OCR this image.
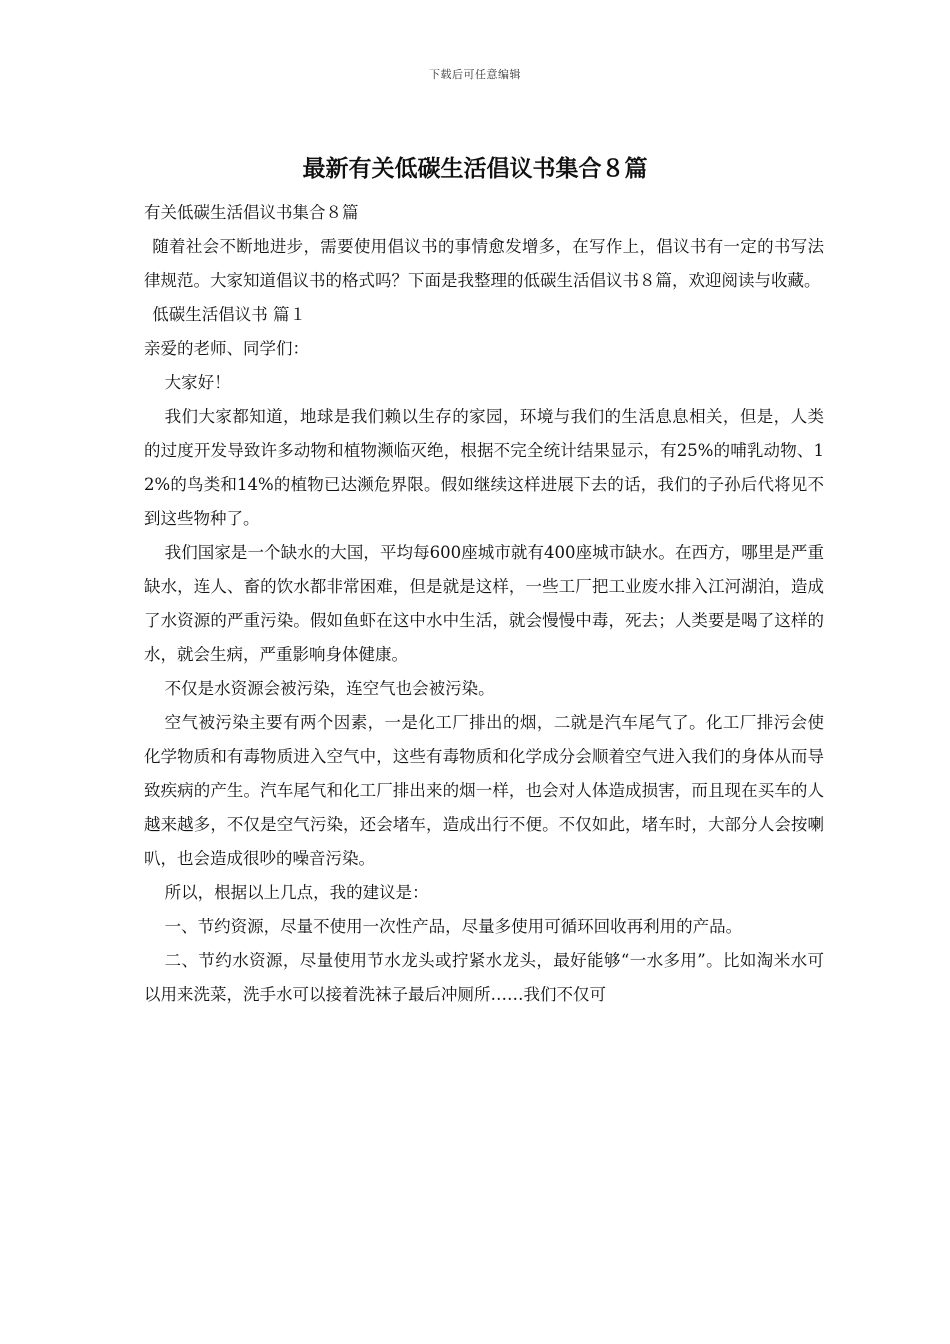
下载后可任意编辑
最新有关低碳生活倡议书集合８篇

有关低碳生活倡议书集合８篇

随着社会不断地进步，需要使用倡议书的事情愈发增多，在写作上，倡议书有一定的书写法律规范。大家知道倡议书的格式吗？下面是我整理的低碳生活倡议书８篇，欢迎阅读与收藏。

低碳生活倡议书 篇１

亲爱的老师、同学们：

大家好！

我们大家都知道，地球是我们赖以生存的家园，环境与我们的生活息息相关，但是，人类的过度开发导致许多动物和植物濒临灭绝，根据不完全统计结果显示，有25%的哺乳动物、12%的鸟类和14%的植物已达濒危界限。假如继续这样进展下去的话，我们的子孙后代将见不到这些物种了。

我们国家是一个缺水的大国，平均每600座城市就有400座城市缺水。在西方，哪里是严重缺水，连人、畜的饮水都非常困难，但是就是这样，一些工厂把工业废水排入江河湖泊，造成了水资源的严重污染。假如鱼虾在这中水中生活，就会慢慢中毒，死去；人类要是喝了这样的水，就会生病，严重影响身体健康。

不仅是水资源会被污染，连空气也会被污染。

空气被污染主要有两个因素，一是化工厂排出的烟，二就是汽车尾气了。化工厂排污会使化学物质和有毒物质进入空气中，这些有毒物质和化学成分会顺着空气进入我们的身体从而导致疾病的产生。汽车尾气和化工厂排出来的烟一样，也会对人体造成损害，而且现在买车的人越来越多，不仅是空气污染，还会堵车，造成出行不便。不仅如此，堵车时，大部分人会按喇叭，也会造成很吵的噪音污染。

所以，根据以上几点，我的建议是：

一、节约资源，尽量不使用一次性产品，尽量多使用可循环回收再利用的产品。

二、节约水资源，尽量使用节水龙头或拧紧水龙头，最好能够“一水多用”。比如淘米水可以用来洗菜，洗手水可以接着洗袜子最后冲厕所……我们不仅可
